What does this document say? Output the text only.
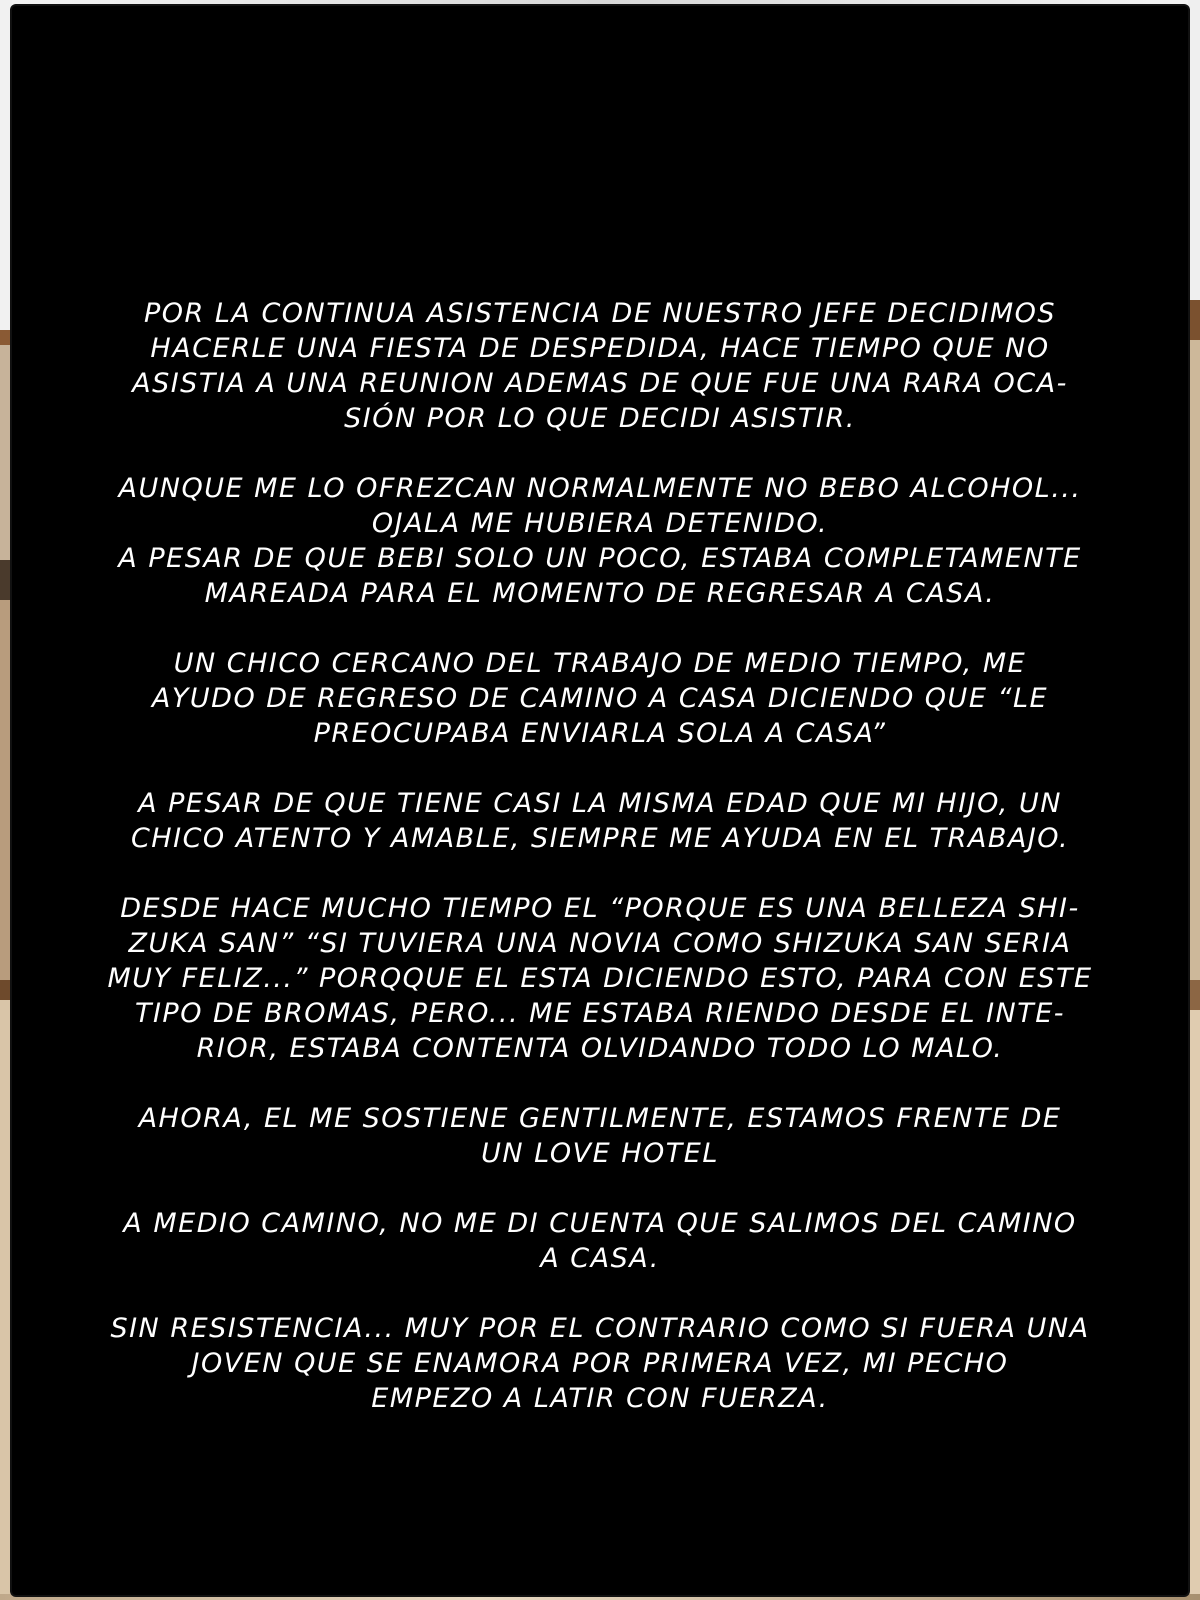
POR LA CONTINUA ASISTENCIA DE NUESTRO JEFE DECIDIMOS
HACERLE UNA FIESTA DE DESPEDIDA, HACE TIEMPO QUE NO
ASISTIA A UNA REUNION ADEMAS DE QUE FUE UNA RARA OCA-
SIÓN POR LO QUE DECIDI ASISTIR.

AUNQUE ME LO OFREZCAN NORMALMENTE NO BEBO ALCOHOL...
OJALA ME HUBIERA DETENIDO.
A PESAR DE QUE BEBI SOLO UN POCO, ESTABA COMPLETAMENTE
MAREADA PARA EL MOMENTO DE REGRESAR A CASA.

UN CHICO CERCANO DEL TRABAJO DE MEDIO TIEMPO, ME
AYUDO DE REGRESO DE CAMINO A CASA DICIENDO QUE “LE
PREOCUPABA ENVIARLA SOLA A CASA”

A PESAR DE QUE TIENE CASI LA MISMA EDAD QUE MI HIJO, UN
CHICO ATENTO Y AMABLE, SIEMPRE ME AYUDA EN EL TRABAJO.

DESDE HACE MUCHO TIEMPO EL “PORQUE ES UNA BELLEZA SHI-
ZUKA SAN” “SI TUVIERA UNA NOVIA COMO SHIZUKA SAN SERIA
MUY FELIZ...” PORQQUE EL ESTA DICIENDO ESTO, PARA CON ESTE
TIPO DE BROMAS, PERO... ME ESTABA RIENDO DESDE EL INTE-
RIOR, ESTABA CONTENTA OLVIDANDO TODO LO MALO.

AHORA, EL ME SOSTIENE GENTILMENTE, ESTAMOS FRENTE DE
UN LOVE HOTEL

A MEDIO CAMINO, NO ME DI CUENTA QUE SALIMOS DEL CAMINO
A CASA.

SIN RESISTENCIA... MUY POR EL CONTRARIO COMO SI FUERA UNA
JOVEN QUE SE ENAMORA POR PRIMERA VEZ, MI PECHO
EMPEZO A LATIR CON FUERZA.
